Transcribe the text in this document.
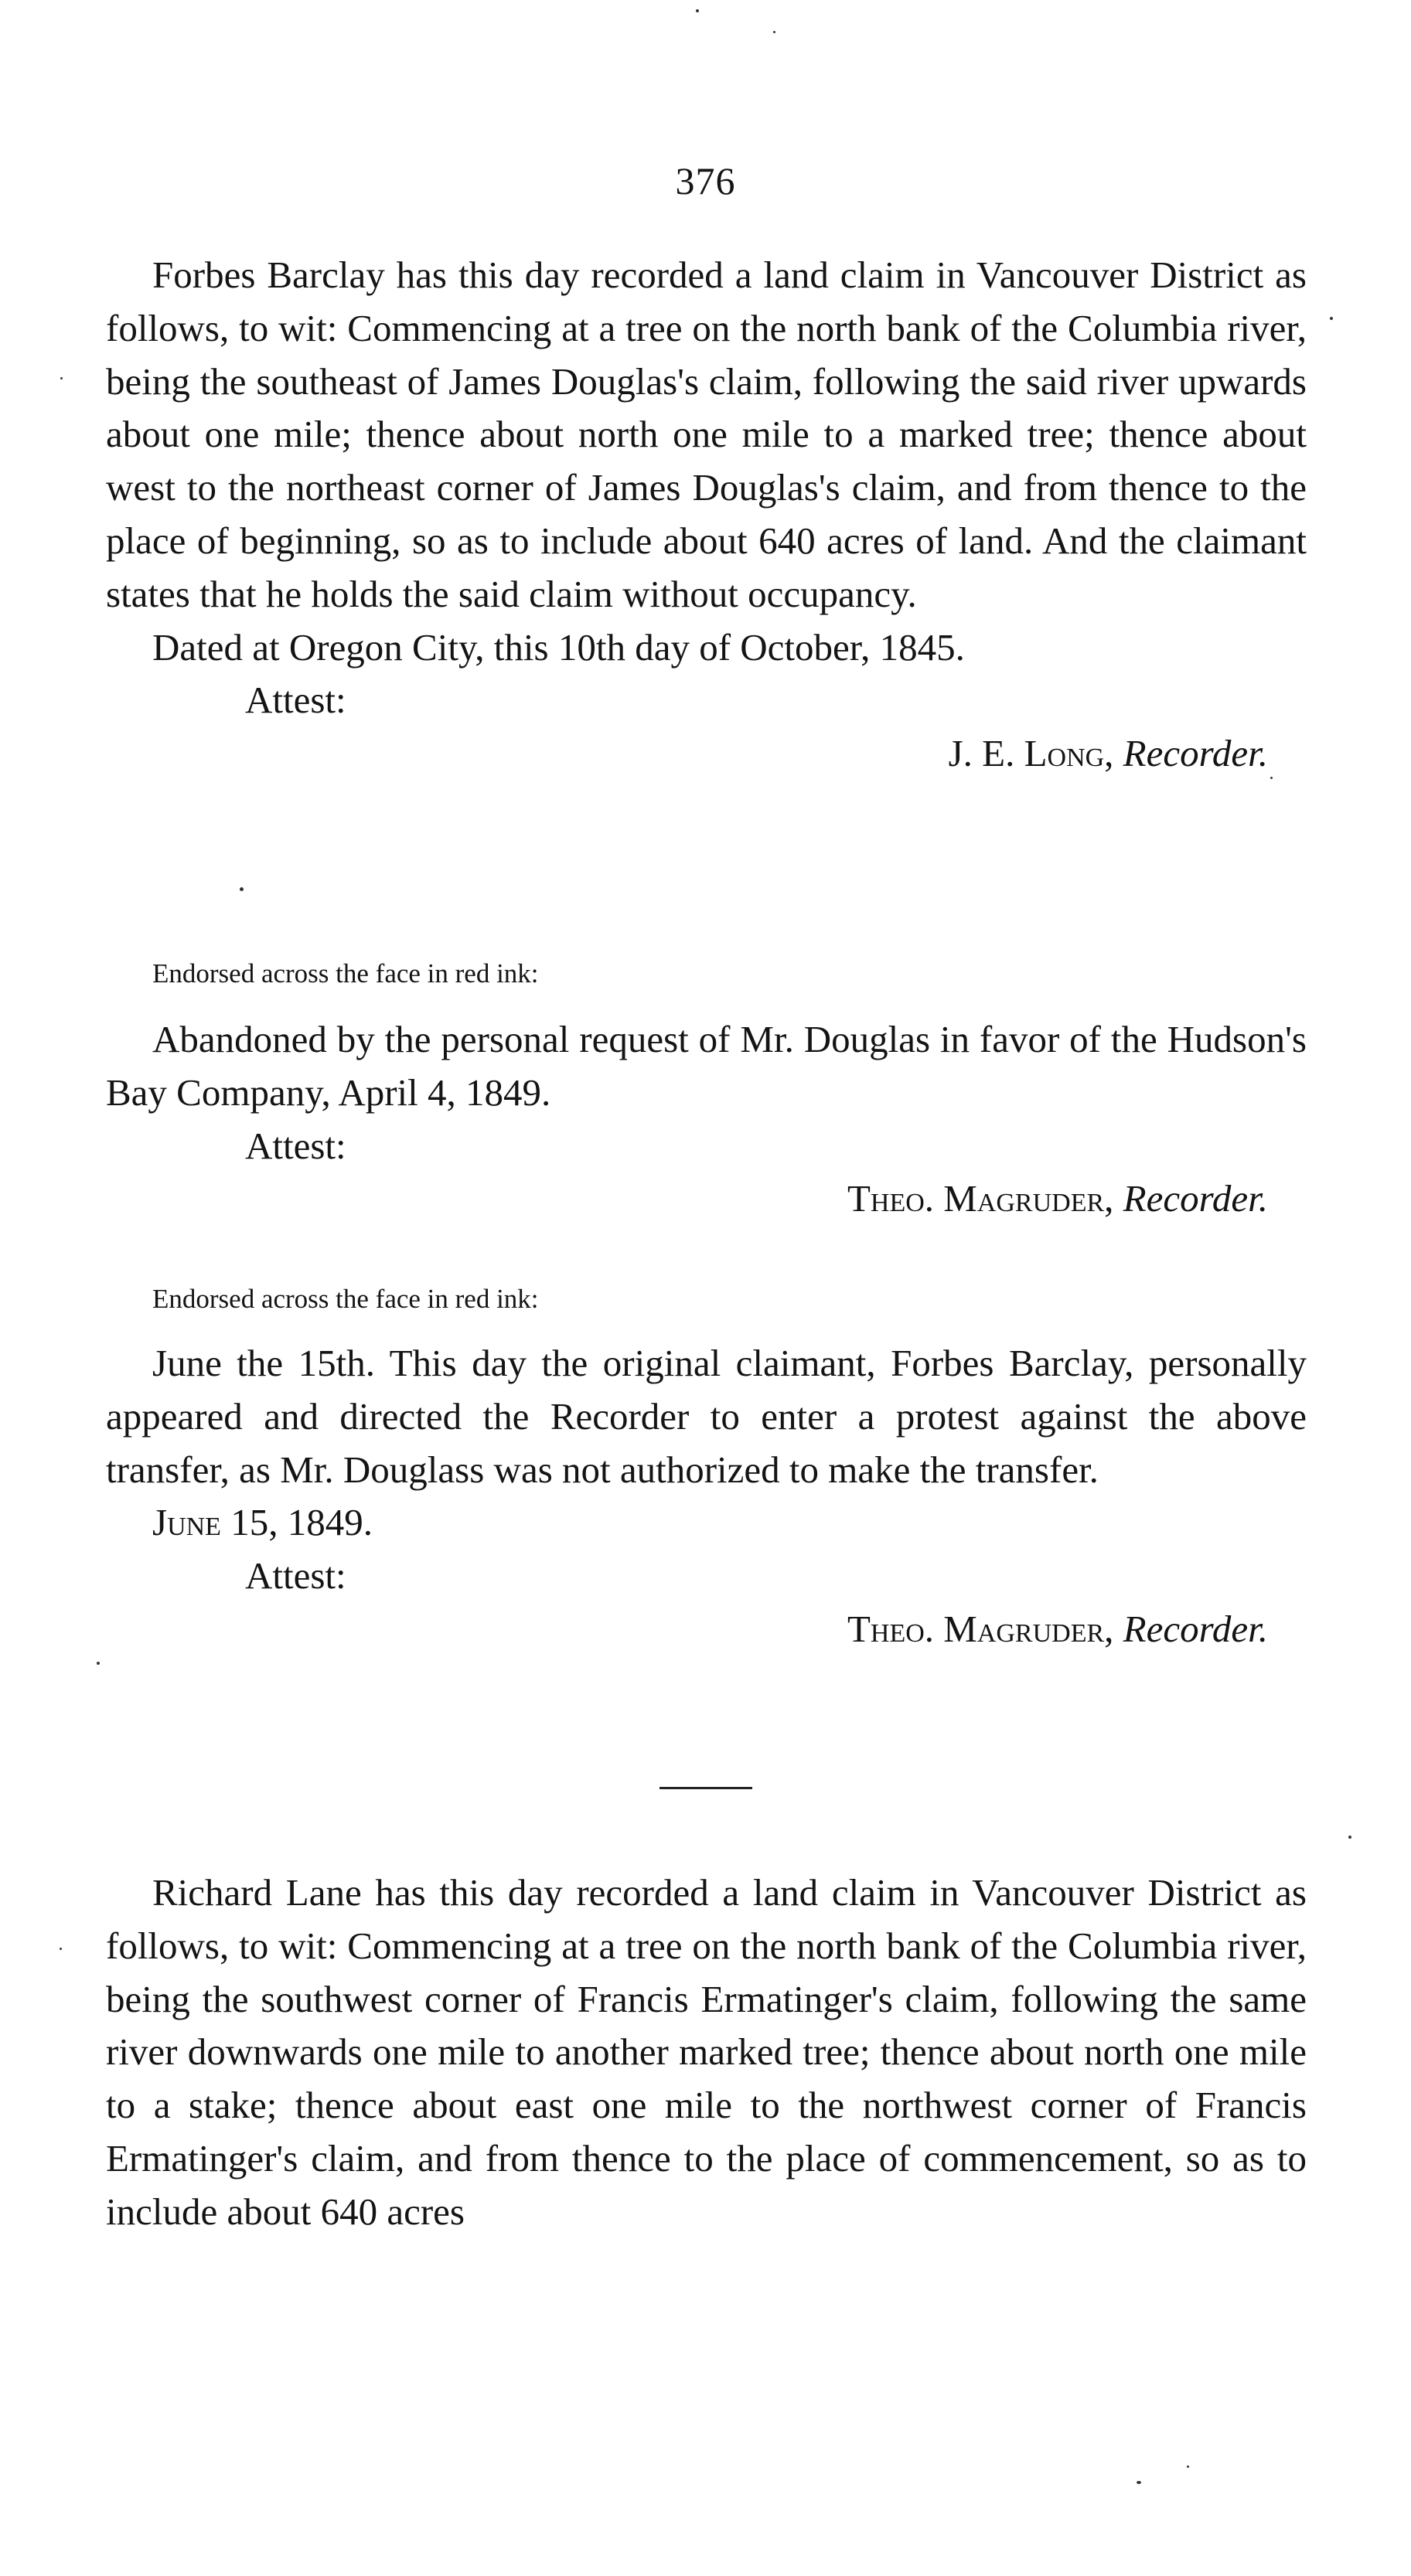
376

Forbes Barclay has this day recorded a land claim in Vancouver District as follows, to wit: Commencing at a tree on the north bank of the Columbia river, being the southeast of James Douglas's claim, following the said river upwards about one mile; thence about north one mile to a marked tree; thence about west to the northeast corner of James Douglas's claim, and from thence to the place of beginning, so as to include about 640 acres of land. And the claimant states that he holds the said claim without occupancy.

Dated at Oregon City, this 10th day of October, 1845.

Attest:

J. E. Long, Recorder.

Endorsed across the face in red ink:

Abandoned by the personal request of Mr. Douglas in favor of the Hudson's Bay Company, April 4, 1849.

Attest:

Theo. Magruder, Recorder.

Endorsed across the face in red ink:

June the 15th. This day the original claimant, Forbes Barclay, personally appeared and directed the Recorder to enter a protest against the above transfer, as Mr. Douglass was not authorized to make the transfer.

June 15, 1849.

Attest:

Theo. Magruder, Recorder.

Richard Lane has this day recorded a land claim in Vancouver District as follows, to wit: Commencing at a tree on the north bank of the Columbia river, being the southwest corner of Francis Ermatinger's claim, following the same river downwards one mile to another marked tree; thence about north one mile to a stake; thence about east one mile to the northwest corner of Francis Ermatinger's claim, and from thence to the place of commencement, so as to include about 640 acres
